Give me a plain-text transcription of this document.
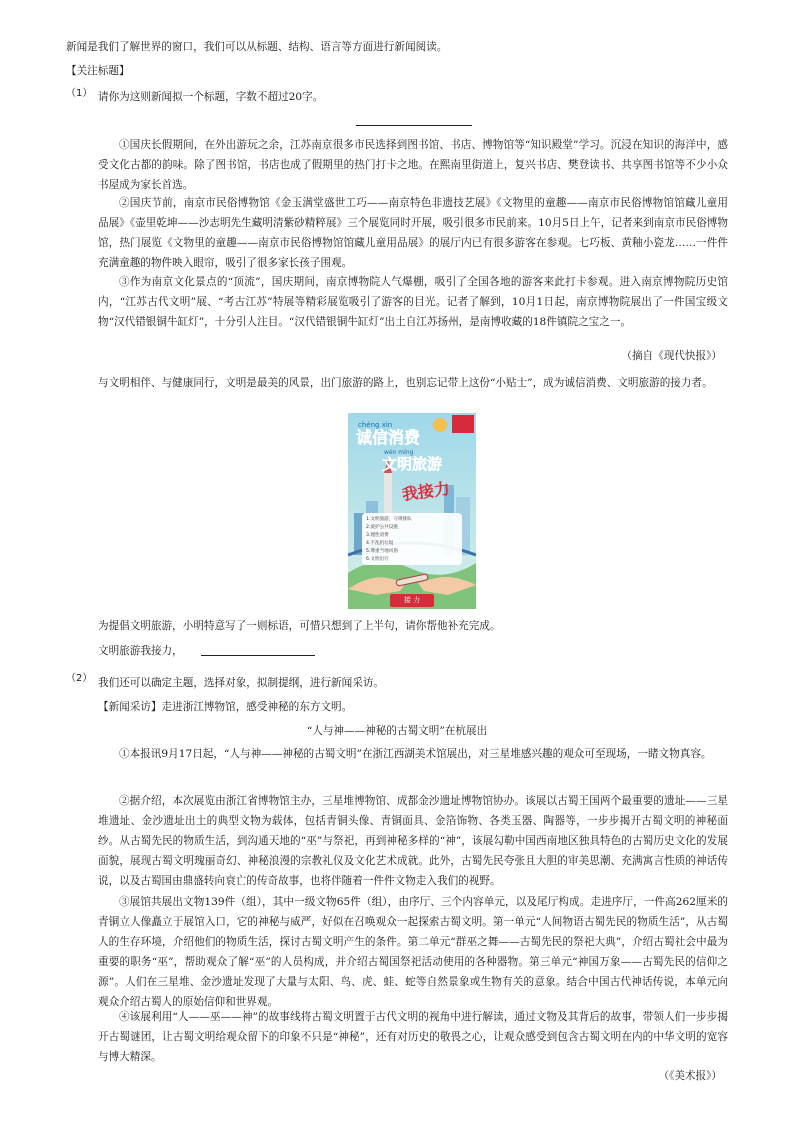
新闻是我们了解世界的窗口，我们可以从标题、结构、语言等方面进行新闻阅读。
【关注标题】
（1） 请你为这则新闻拟一个标题，字数不超过20字。
①国庆长假期间，在外出游玩之余，江苏南京很多市民选择到图书馆、书店、博物馆等“知识殿堂”学习。沉浸在知识的海洋中，感受文化古都的韵味。除了图书馆，书店也成了假期里的热门打卡之地。在熙南里街道上，复兴书店、樊登读书、共享图书馆等不少小众书屋成为家长首选。
②国庆节前，南京市民俗博物馆《金玉满堂盛世工巧——南京特色非遗技艺展》《文物里的童趣——南京市民俗博物馆馆藏儿童用品展》《壶里乾坤——沙志明先生藏明清紫砂精粹展》三个展览同时开展，吸引很多市民前来。10月5日上午，记者来到南京市民俗博物馆，热门展览《文物里的童趣——南京市民俗博物馆馆藏儿童用品展》的展厅内已有很多游客在参观。七巧板、黄釉小瓷龙……一件件充满童趣的物件映入眼帘，吸引了很多家长孩子围观。
③作为南京文化景点的“顶流”，国庆期间，南京博物院人气爆棚，吸引了全国各地的游客来此打卡参观。进入南京博物院历史馆内，“江苏古代文明”展、“考古江苏”特展等精彩展览吸引了游客的目光。记者了解到，10月1日起，南京博物院展出了一件国宝级文物“汉代错银铜牛缸灯”，十分引人注目。“汉代错银铜牛缸灯”出土自江苏扬州，是南博收藏的18件镇院之宝之一。
（摘自《现代快报》）
与文明相伴、与健康同行，文明是最美的风景，出门旅游的路上，也别忘记带上这份“小贴士”，成为诚信消费、文明旅游的接力者。
chéng xìn
诚信消费
wén míng
文明旅游
我接力
1.文明旅游，守规排队
2.爱护公共设施
3.理性消费
4.不乱扔垃圾
5.尊重当地风俗
6.文明出行
接 力
为提倡文明旅游，小明特意写了一则标语，可惜只想到了上半句，请你帮他补充完成。
文明旅游我接力，
（2） 我们还可以确定主题，选择对象，拟制提纲，进行新闻采访。
【新闻采访】走进浙江博物馆，感受神秘的东方文明。
“人与神——神秘的古蜀文明”在杭展出
①本报讯9月17日起，“人与神——神秘的古蜀文明”在浙江西湖美术馆展出，对三星堆感兴趣的观众可至现场，一睹文物真容。
②据介绍，本次展览由浙江省博物馆主办，三星堆博物馆、成都金沙遗址博物馆协办。该展以古蜀王国两个最重要的遗址——三星堆遗址、金沙遗址出土的典型文物为载体，包括青铜头像、青铜面具、金箔饰物、各类玉器、陶器等，一步步揭开古蜀文明的神秘面纱。从古蜀先民的物质生活，到沟通天地的“巫”与祭祀，再到神秘多样的“神”，该展勾勒中国西南地区独具特色的古蜀历史文化的发展面貌，展现古蜀文明瑰丽奇幻、神秘浪漫的宗教礼仪及文化艺术成就。此外，古蜀先民夸张且大胆的审美思潮、充满寓言性质的神话传说，以及古蜀国由鼎盛转向衰亡的传奇故事，也将伴随着一件件文物走入我们的视野。
③展馆共展出文物139件（组），其中一级文物65件（组），由序厅、三个内容单元，以及尾厅构成。走进序厅，一件高262厘米的青铜立人像矗立于展馆入口，它的神秘与威严，好似在召唤观众一起探索古蜀文明。第一单元“人间物语古蜀先民的物质生活”，从古蜀人的生存环境，介绍他们的物质生活，探讨古蜀文明产生的条件。第二单元“群巫之舞——古蜀先民的祭祀大典”，介绍古蜀社会中最为重要的职务“巫”，帮助观众了解“巫”的人员构成，并介绍古蜀国祭祀活动使用的各种器物。第三单元“神国万象——古蜀先民的信仰之源”。人们在三星堆、金沙遗址发现了大量与太阳、鸟、虎、蛙、蛇等自然景象或生物有关的意象。结合中国古代神话传说，本单元向观众介绍古蜀人的原始信仰和世界观。
④该展利用“人——巫——神”的故事线将古蜀文明置于古代文明的视角中进行解读，通过文物及其背后的故事，带领人们一步步揭开古蜀谜团，让古蜀文明给观众留下的印象不只是“神秘”，还有对历史的敬畏之心，让观众感受到包含古蜀文明在内的中华文明的宽容与博大精深。
（《美术报》）
